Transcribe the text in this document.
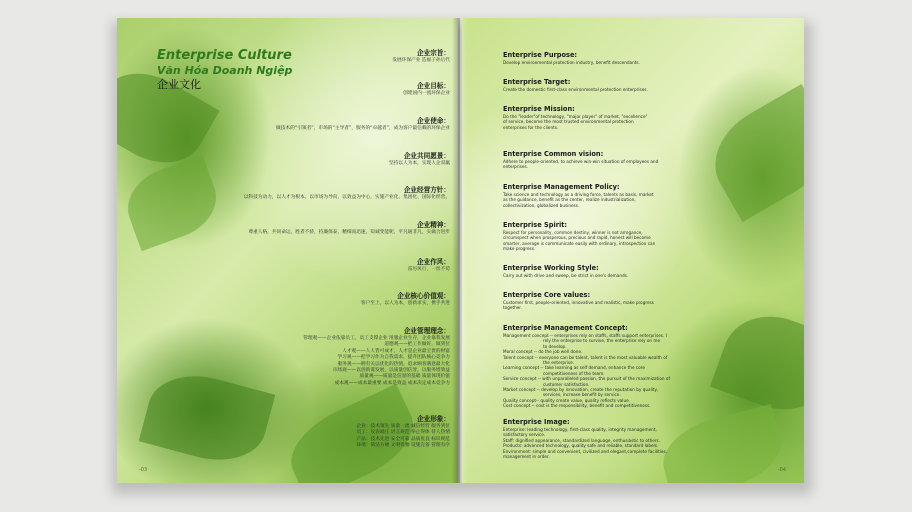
Enterprise Culture
Văn Hóa Doanh Ngiệp
企业文化
企业宗旨：
发展环保产业 造福子孙后代
企业目标：
创建国内一流环保企业
企业使命：
做技术的“引领者”，市场的“主导者”，服务的“卓越者”，成为客户最信赖的环保企业
企业共同愿景：
坚持以人为本，实现人企双赢
企业经营方针：
以科技为动力，以人才为根本，以市场为导向，以效益为中心，实施产业化、集团化、国际化经营。
企业精神：
尊重人格，共同命运，胜者不骄，持廉保泰，精细而迅速，知诚变能呢，平凡通非凡，实做合进步
企业作风：
雷厉风行，一丝不苟
企业核心价值观：
客户至上，以人为本，创新求实，携手共进
企业管理理念：
管理观——企业依靠员工，员工支撑企业 用服企业生存，企业靠我发展
道德观——把工作做好，做到位
人才观——人人皆可成才，人才是企业最宝贵的财富
学习观——把学习作为自我需求，提升团队核心竞争力
服务观——拥有关以优化的热情，追求顾客满意最大化
市场观——以创新谋发展，以质量创信誉，以服务增效益
质量观——质量是信誉的基础 质量体现价值
成本观——成本最重要 成本是效益 成本决定成本竞争力
企业形象：
企业：技术领先 质量一流 诚信经营 服务到位
员工：仪表端庄 语言规范 举止得体 待人热情
产品：技术先进 安全可靠 品质优良 标识规范
环境：简洁方便 文明优雅 设施完备 管理有序
-03
Enterprise Purpose:
Develop environmental protection industry, benefit descendants.
Enterprise Target:
Create the domestic first-class environmental protection enterprises.
Enterprise Mission:
Do the "leader"of technology, "major player" of market, "excellence"
of service, become the most trusted environmental protection
enterprises for the clients.
Enterprise Common vision:
Adhere to people-oriented, to achieve win-win situation of employees and
enterprises.
Enterprise Management Policy:
Take science and technology as a driving force, talents as basis, market
as the guidance, benefit as the center, realize industrialization,
collectivization, globalized business.
Enterprise Spirit:
Respect for personality, common destiny, winner is not arrogance,
circumspect when prosperous, precious and rapid, honest will become
smarter, average is communicate easily with ordinary, introspection can
make progress.
Enterprise Working Style:
Carry out with drive and sweep, be strict in one's demands.
Enterprise Core values:
Customer first, people-oriented, innovative and realistic, make progress
together.
Enterprise Management Concept:
Management concept -- enterprises rely on staffs, staffs support enterprises. I
rely the enterprise to survive, the enterprise rely on me
to develop.
Moral concept -- do the job well done.
Talent concept -- everyone can be talent, talent is the most valuable wealth of
the enterprise.
Learning concept -- take learning as self demand, enhance the core
competitiveness of the team.
Service concept -- with unparalleled passion, the pursuit of the maximization of
customer satisfaction.
Market concept -- develop by innovation, create the reputation by quality,
services, increase benefit by service.
Quality concept-- quality create value, quality reflects value.
Cost concept -- cost is the responsibility, benefit and competitiveness.
Enterprise Image:
Enterprise: leading technology, first-class quality, integrity management,
satisfactory service.
Staff: dignified appearance, standardized language, enthusiastic to others.
Products: advanced technology, quality safe and reliable, standard labels.
Environment: simple and convenient, civilized and elegant,complete facilities,
management in order.
-04
